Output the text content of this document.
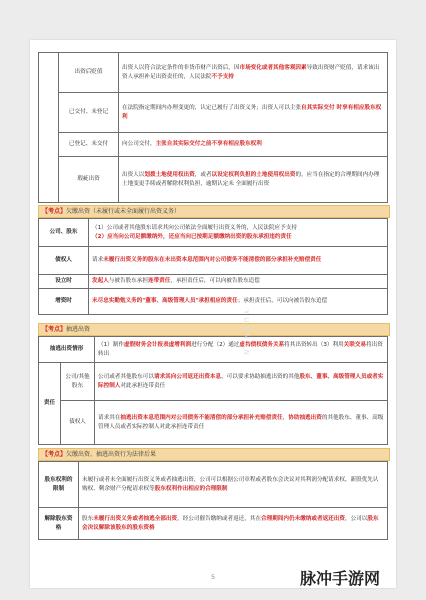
	出资后贬值	出资人以符合法定条件的非货币财产出资后，因市场变化或者其他客观因素导致出资财产贬值，请求该出资人承担补足出资责任的，人民法院不予支持
	已交付、未登记	在法院指定期间内办理变更的，认定已履行了出资义务；出资人可以主张自其实际交付 时享有相应股东权利
	已登记、未交付	向公司交付，主张自其实际交付之前不享有相应股东权利
	瑕疵出资	出资人以划拨土地使用权出资，或者以设定权利负担的土地使用权出资的，应当在指定的合理期间内办理土地变更手续或者解除权利负担，逾期认定未 全面履行出资
【考点】欠缴出资（未履行或未全面履行出资义务）
公司、股东	（1）公司或者其他股东请求其向公司依法全面履行出资义务的，人民法院应予支持
（2）应当向公司足额缴纳外，还应当向已按期足额缴纳出资的股东承担违约责任

债权人	请求未履行出资义务的股东在未出资本息范围内对公司债务不能清偿的部分承担补充赔偿责任
设立时	发起人与被告股东承担连带责任，承担责任后，可以向被告股东追偿
增资时	未尽忠实勤勉义务的"董事、高级管理人员"承担相应的责任；承担责任后，可以向被告股东追偿
【考点】抽逃出资
抽逃出资情形		（1）制作虚假财务会计报表虚增利润进行分配（2）通过虚构债权债务关系将其出资转出（3）利用关联交易将出资转出
责任	公司/其他股东	公司或者其他股东可以请求其向公司返还出资本息，可以要求协助抽逃出资的其他股东、董事、高级管理人员或者实际控制人对此承担连带责任
	债权人	请求其在抽逃出资本息范围内对公司债务不能清偿的部分承担补充赔偿责任，协助抽逃出资的其他股东、董事、高级管理人员或者实际控制人对此承担连带责任
【考点】欠缴出资、抽逃出资行为法律后果
股东权利的限制	未履行或者未全面履行出资义务或者抽逃出资，公司可以根据公司章程或者股东会决议对其利润分配请求权、新股优先认购权、剩余财产分配请求权等股东权利作出相应的合理限制
解除股东资格	股东未履行出资义务或者抽逃全部出资，经公司催告缴纳或者返还，其在合理期间内仍未缴纳或者返还出资，公司以股东会决议解除该股东的股东资格
YUNNAN
5	脉冲手游网
